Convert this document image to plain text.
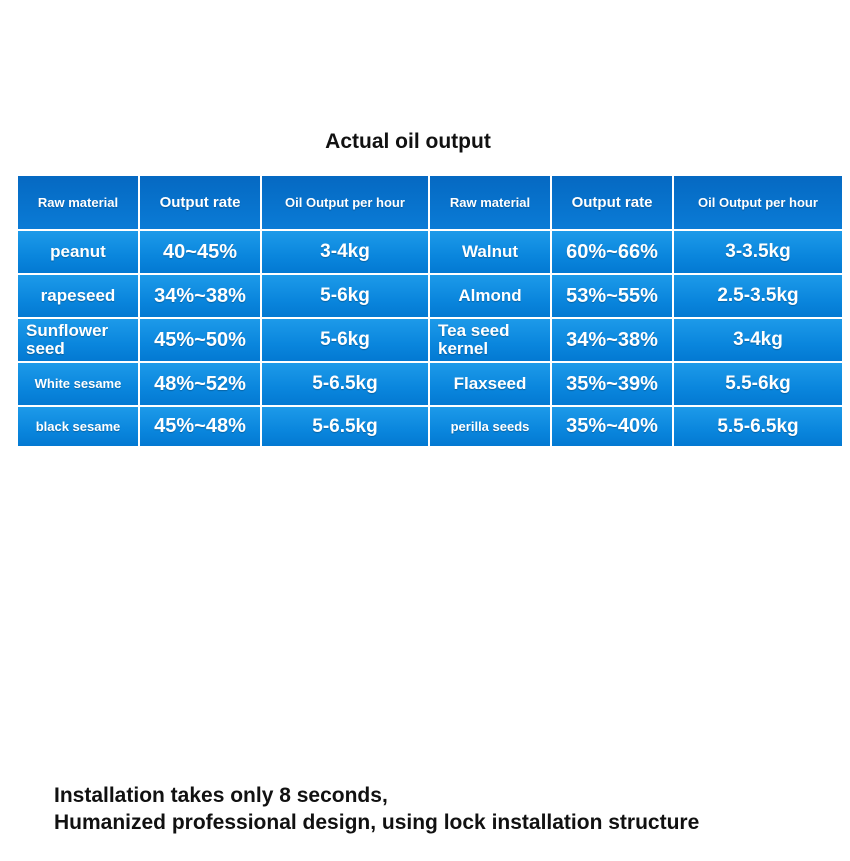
Actual oil output
Raw material	Output rate	Oil Output per hour	Raw material	Output rate	Oil Output per hour
peanut	40~45%	3-4kg	Walnut	60%~66%	3-3.5kg
rapeseed	34%~38%	5-6kg	Almond	53%~55%	2.5-3.5kg
Sunflower seed	45%~50%	5-6kg	Tea seed kernel	34%~38%	3-4kg
White sesame	48%~52%	5-6.5kg	Flaxseed	35%~39%	5.5-6kg
black sesame	45%~48%	5-6.5kg	perilla seeds	35%~40%	5.5-6.5kg
Installation takes only 8 seconds,
Humanized professional design, using lock installation structure
